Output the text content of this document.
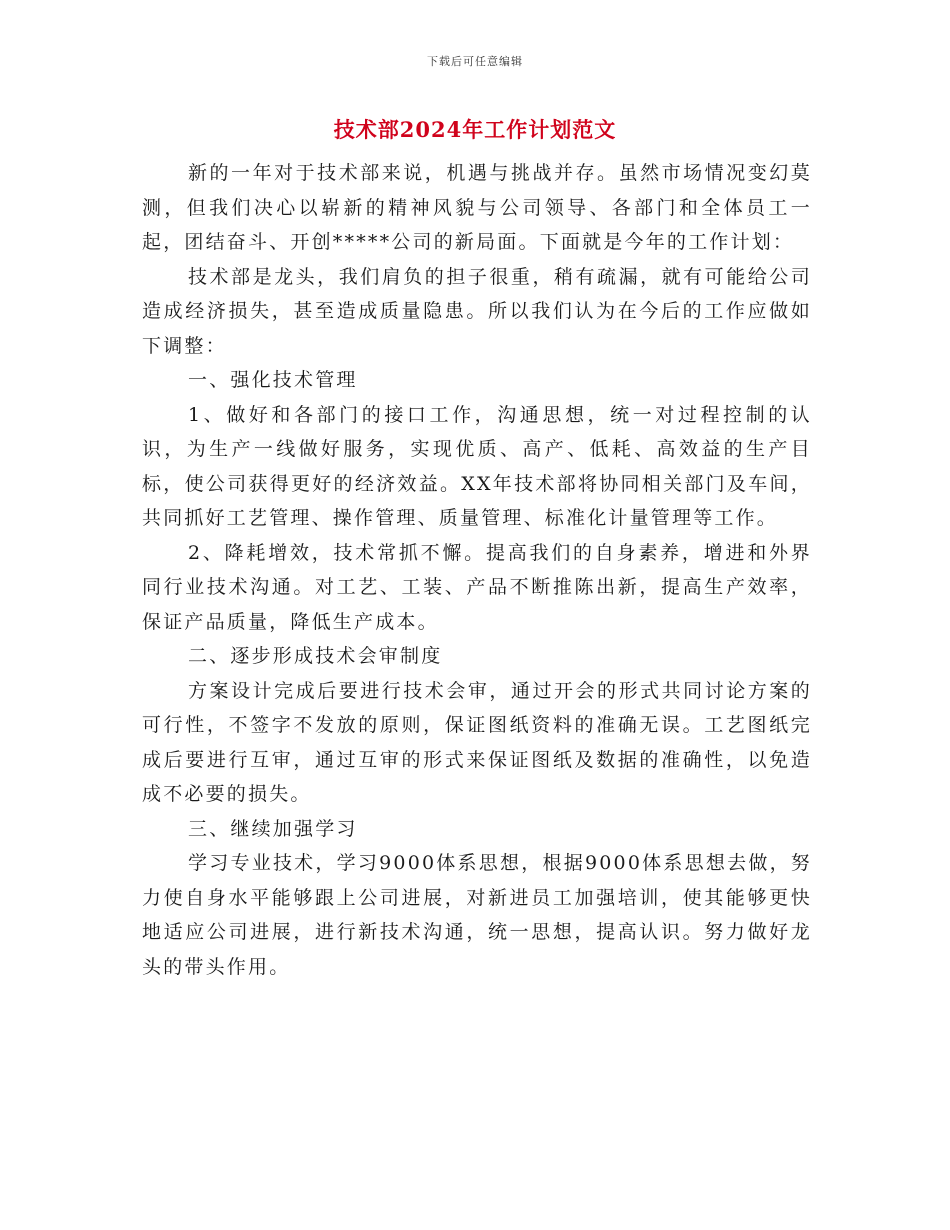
下载后可任意编辑
技术部2024年工作计划范文

新的一年对于技术部来说，机遇与挑战并存。虽然市场情况变幻莫测，但我们决心以崭新的精神风貌与公司领导、各部门和全体员工一起，团结奋斗、开创*****公司的新局面。下面就是今年的工作计划：

技术部是龙头，我们肩负的担子很重，稍有疏漏，就有可能给公司造成经济损失，甚至造成质量隐患。所以我们认为在今后的工作应做如下调整：

一、强化技术管理

1、做好和各部门的接口工作，沟通思想，统一对过程控制的认识，为生产一线做好服务，实现优质、高产、低耗、高效益的生产目标，使公司获得更好的经济效益。XX年技术部将协同相关部门及车间，共同抓好工艺管理、操作管理、质量管理、标准化计量管理等工作。

2、降耗增效，技术常抓不懈。提高我们的自身素养，增进和外界同行业技术沟通。对工艺、工装、产品不断推陈出新，提高生产效率，保证产品质量，降低生产成本。

二、逐步形成技术会审制度

方案设计完成后要进行技术会审，通过开会的形式共同讨论方案的可行性，不签字不发放的原则，保证图纸资料的准确无误。工艺图纸完成后要进行互审，通过互审的形式来保证图纸及数据的准确性，以免造成不必要的损失。

三、继续加强学习

学习专业技术，学习9000体系思想，根据9000体系思想去做，努力使自身水平能够跟上公司进展，对新进员工加强培训，使其能够更快地适应公司进展，进行新技术沟通，统一思想，提高认识。努力做好龙头的带头作用。
